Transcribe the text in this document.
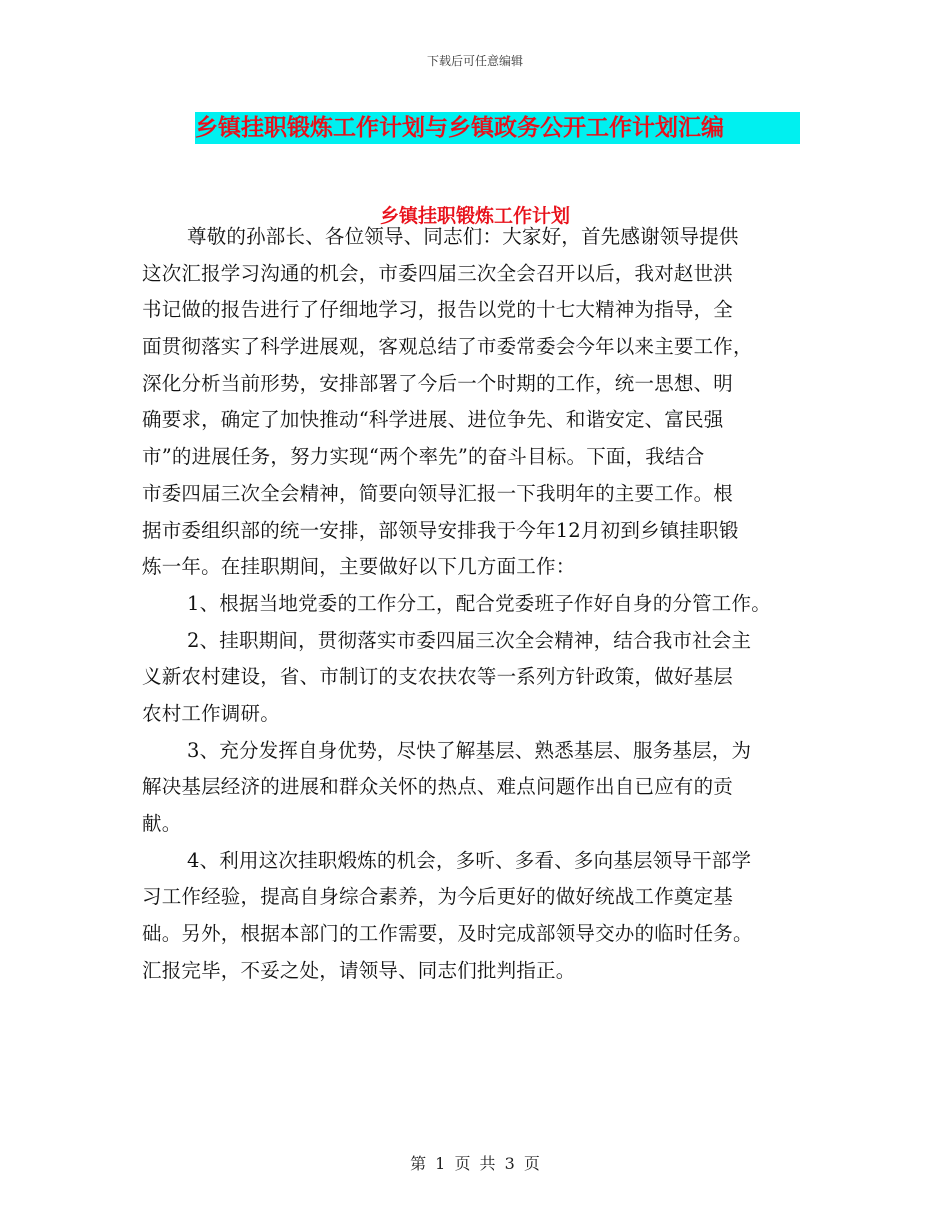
下载后可任意编辑
乡镇挂职锻炼工作计划与乡镇政务公开工作计划汇编
乡镇挂职锻炼工作计划
尊敬的孙部长、各位领导、同志们：大家好，首先感谢领导提供
这次汇报学习沟通的机会，市委四届三次全会召开以后，我对赵世洪
书记做的报告进行了仔细地学习，报告以党的十七大精神为指导，全
面贯彻落实了科学进展观，客观总结了市委常委会今年以来主要工作，
深化分析当前形势，安排部署了今后一个时期的工作，统一思想、明
确要求，确定了加快推动“科学进展、进位争先、和谐安定、富民强
市”的进展任务，努力实现“两个率先”的奋斗目标。下面，我结合
市委四届三次全会精神，简要向领导汇报一下我明年的主要工作。根
据市委组织部的统一安排，部领导安排我于今年12月初到乡镇挂职锻
炼一年。在挂职期间，主要做好以下几方面工作：
1、根据当地党委的工作分工，配合党委班子作好自身的分管工作。
2、挂职期间，贯彻落实市委四届三次全会精神，结合我市社会主
义新农村建设，省、市制订的支农扶农等一系列方针政策，做好基层
农村工作调研。
3、充分发挥自身优势，尽快了解基层、熟悉基层、服务基层，为
解决基层经济的进展和群众关怀的热点、难点问题作出自已应有的贡
献。
4、利用这次挂职煅炼的机会，多听、多看、多向基层领导干部学
习工作经验，提高自身综合素养，为今后更好的做好统战工作奠定基
础。另外，根据本部门的工作需要，及时完成部领导交办的临时任务。
汇报完毕，不妥之处，请领导、同志们批判指正。
第 1 页 共 3 页
